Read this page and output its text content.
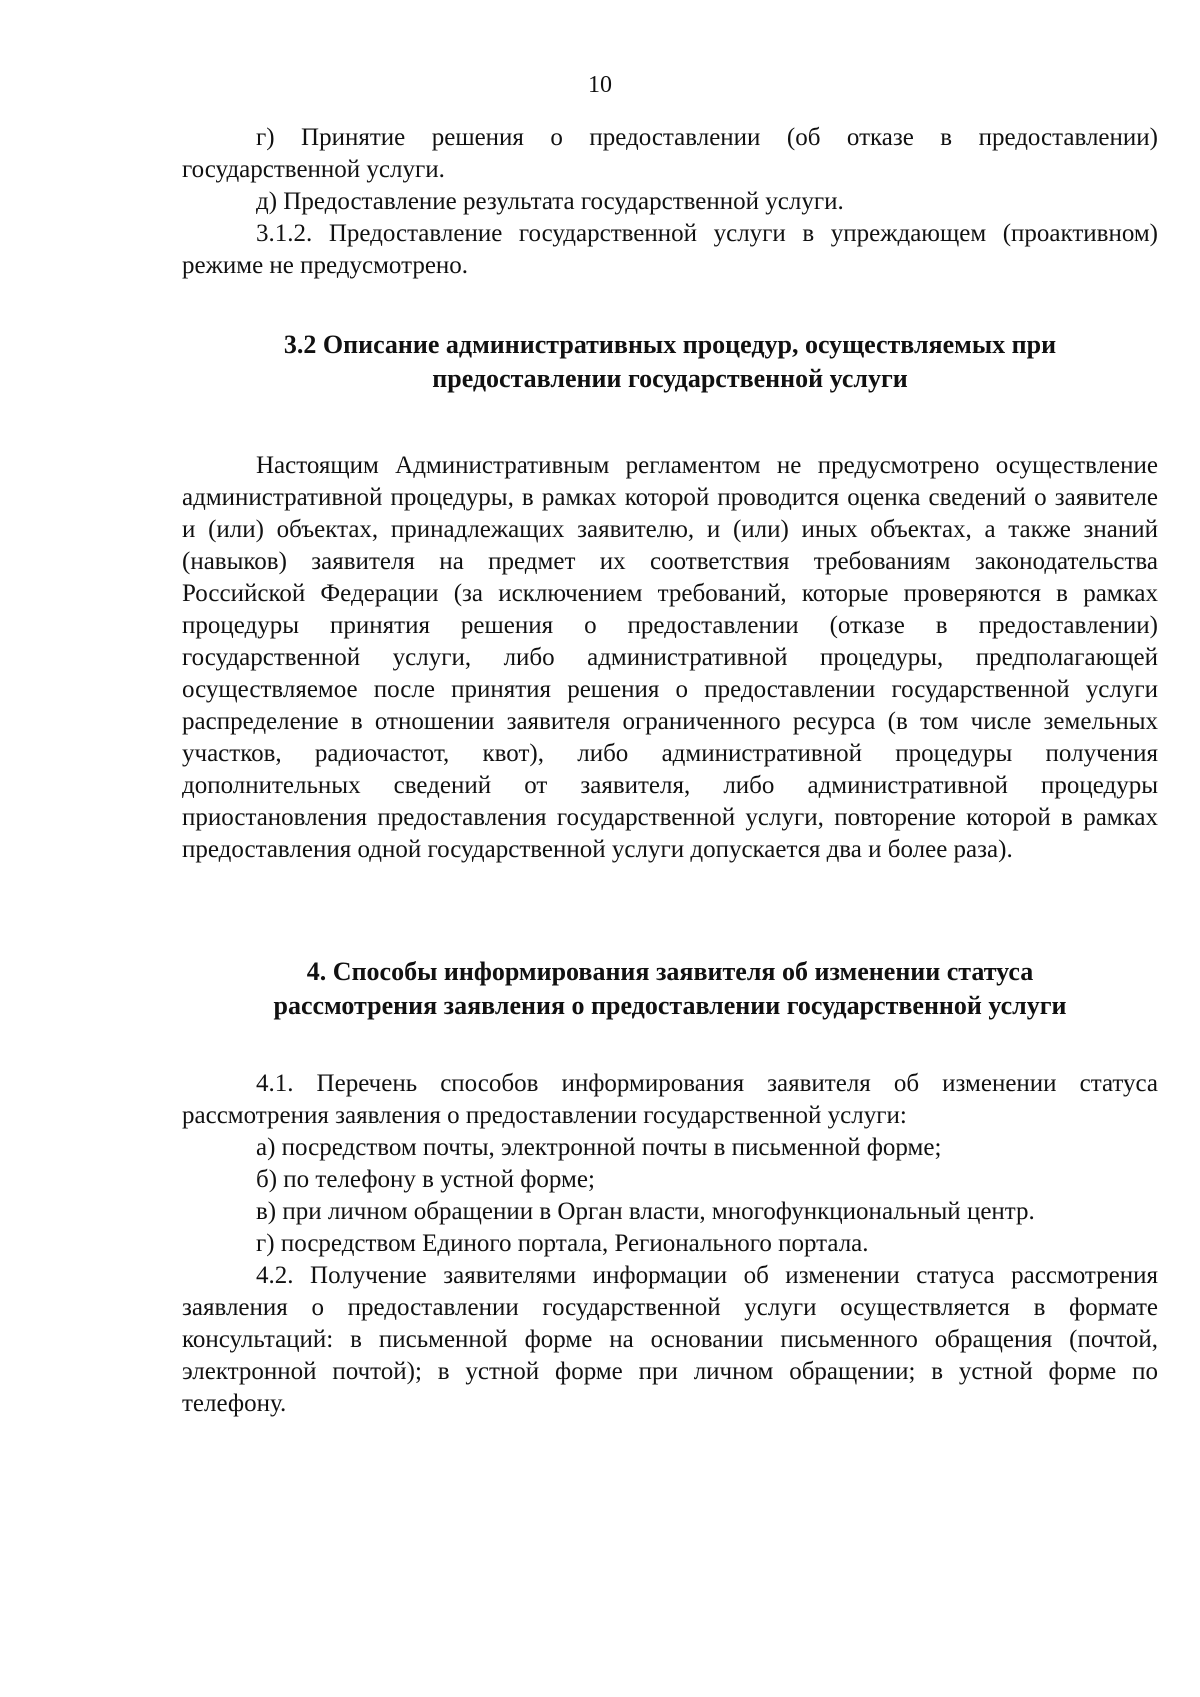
10

г) Принятие решения о предоставлении (об отказе в предоставлении) государственной услуги.

д) Предоставление результата государственной услуги.

3.1.2. Предоставление государственной услуги в упреждающем (проактивном) режиме не предусмотрено.

3.2 Описание административных процедур, осуществляемых при
предоставлении государственной услуги

Настоящим Административным регламентом не предусмотрено осуществление административной процедуры, в рамках которой проводится оценка сведений о заявителе и (или) объектах, принадлежащих заявителю, и (или) иных объектах, а также знаний (навыков) заявителя на предмет их соответствия требованиям законодательства Российской Федерации (за исключением требований, которые проверяются в рамках процедуры принятия решения о предоставлении (отказе в предоставлении) государственной услуги, либо административной процедуры, предполагающей осуществляемое после принятия решения о предоставлении государственной услуги распределение в отношении заявителя ограниченного ресурса (в том числе земельных участков, радиочастот, квот), либо административной процедуры получения дополнительных сведений от заявителя, либо административной процедуры приостановления предоставления государственной услуги, повторение которой в рамках предоставления одной государственной услуги допускается два и более раза).

4. Способы информирования заявителя об изменении статуса
рассмотрения заявления о предоставлении государственной услуги

4.1. Перечень способов информирования заявителя об изменении статуса рассмотрения заявления о предоставлении государственной услуги:

а) посредством почты, электронной почты в письменной форме;

б) по телефону в устной форме;

в) при личном обращении в Орган власти, многофункциональный центр.

г) посредством Единого портала, Регионального портала.

4.2. Получение заявителями информации об изменении статуса рассмотрения заявления о предоставлении государственной услуги осуществляется в формате консультаций: в письменной форме на основании письменного обращения (почтой, электронной почтой); в устной форме при личном обращении; в устной форме по телефону.
